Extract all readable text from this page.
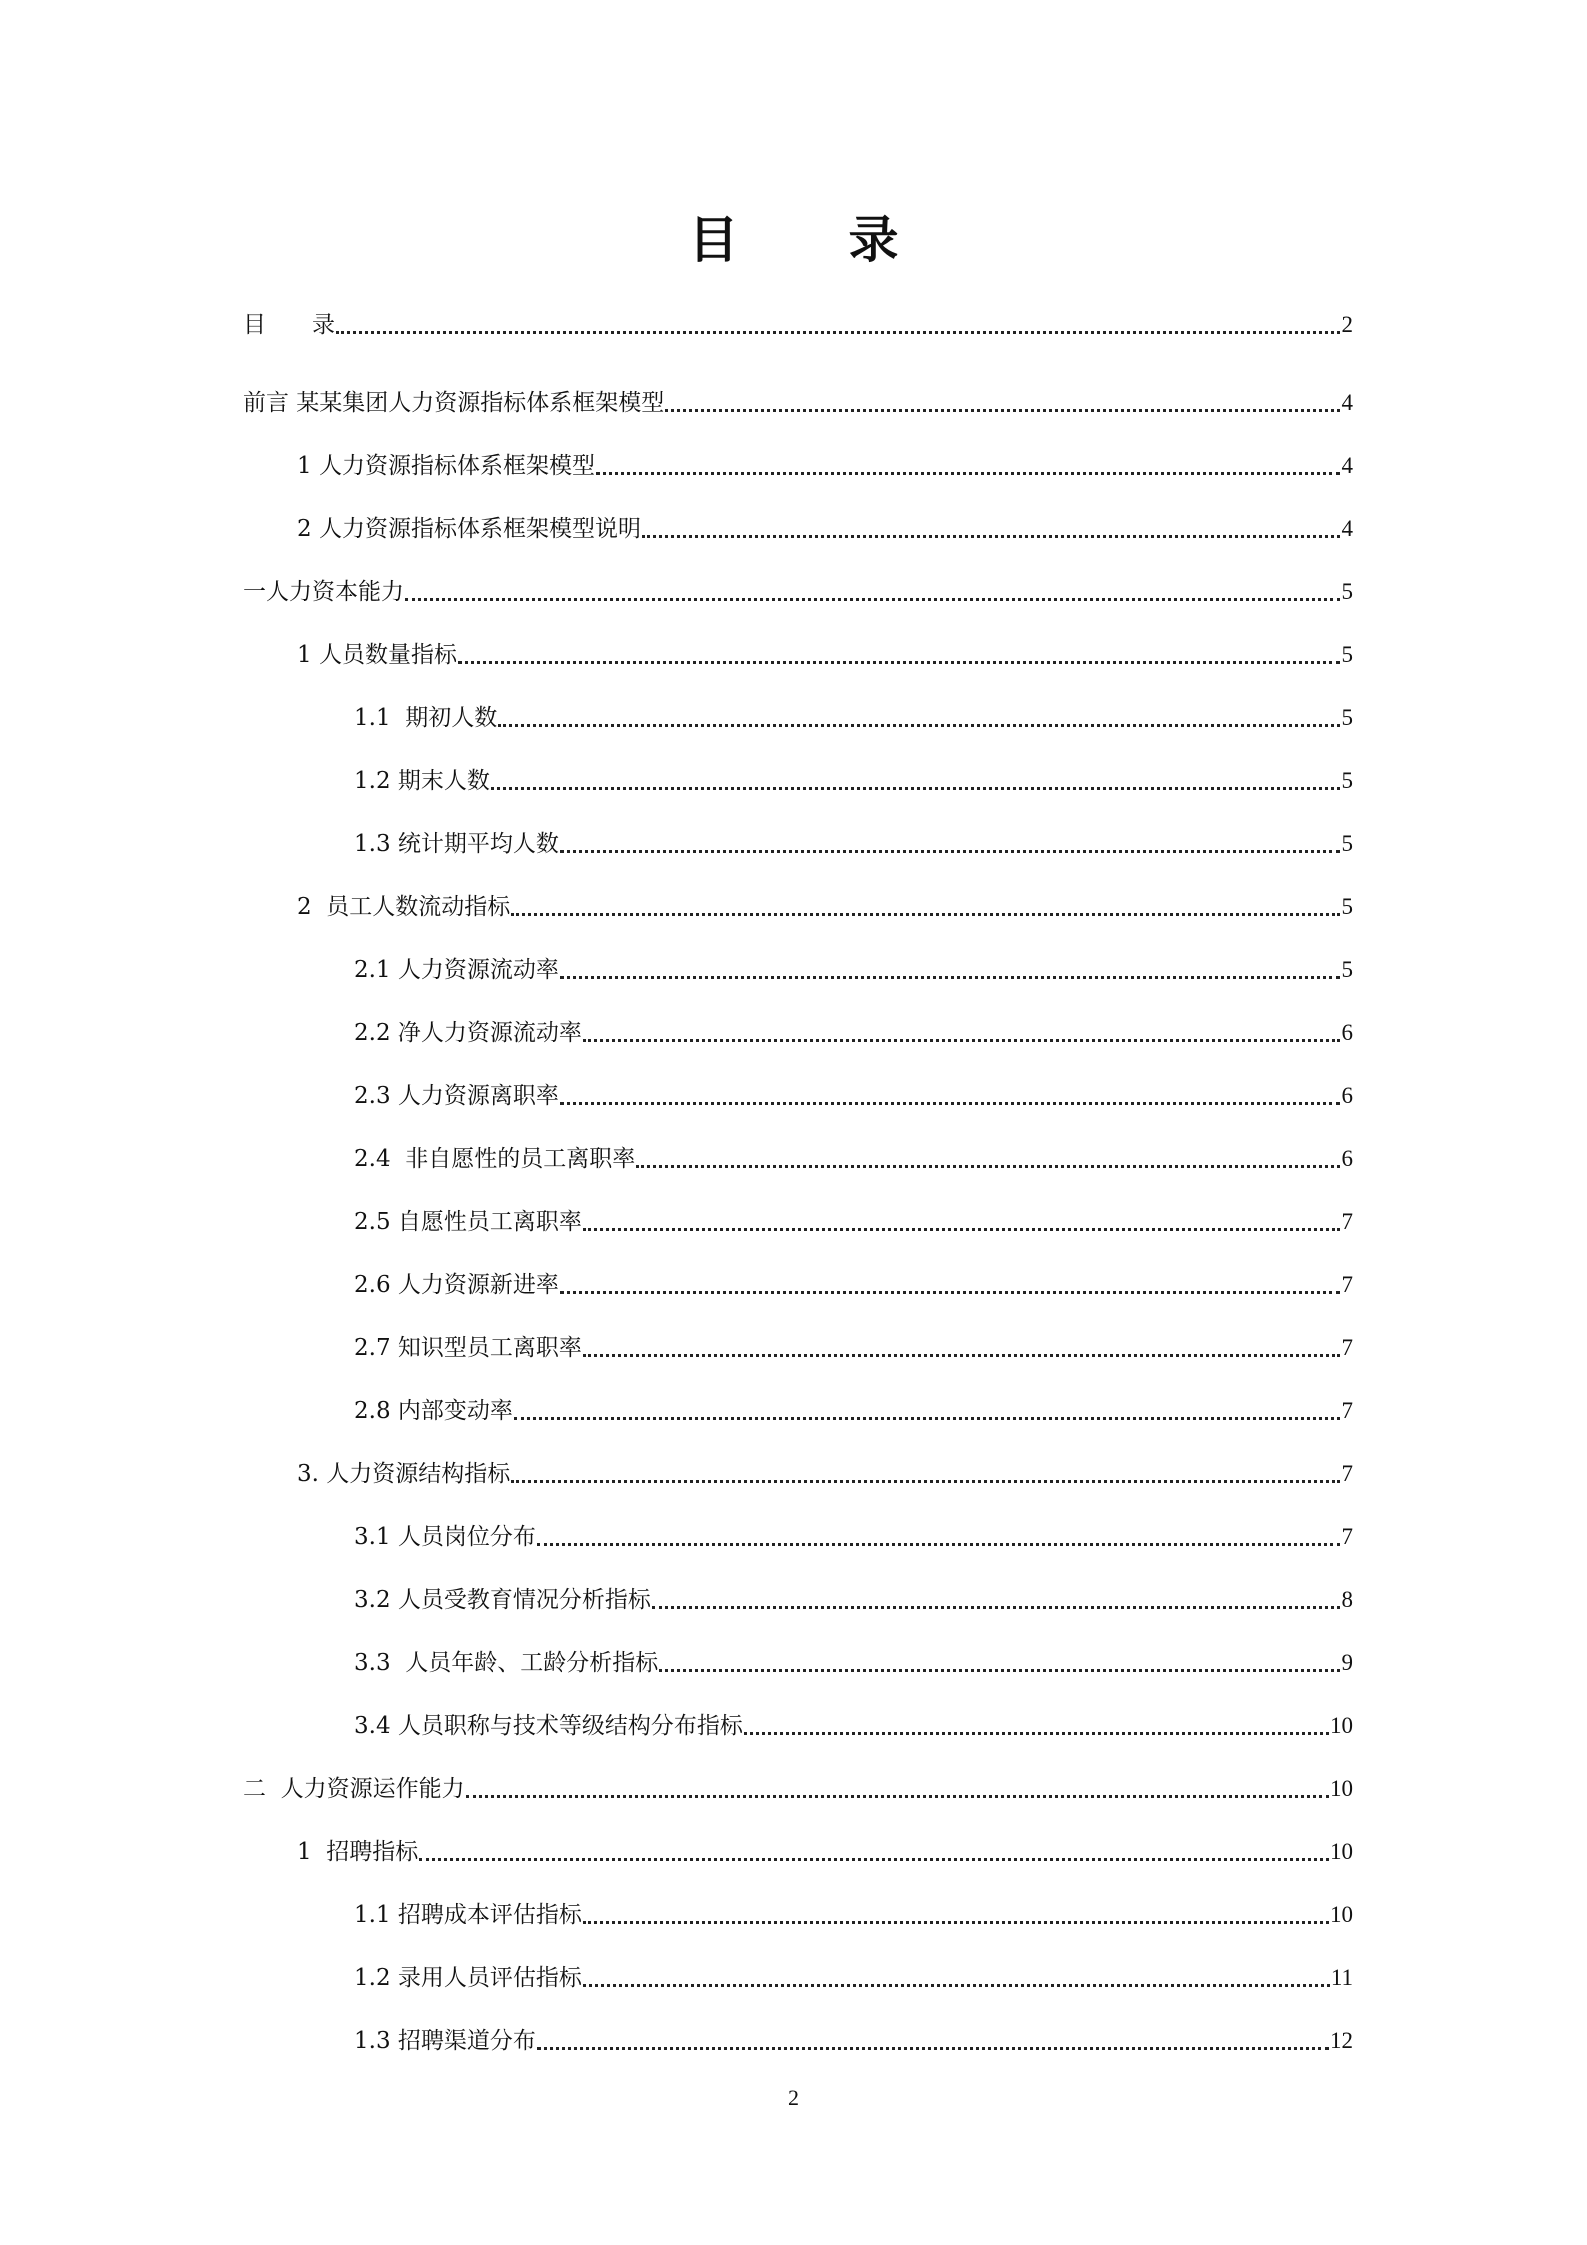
目 录
目　　录	2
前言 某某集团人力资源指标体系框架模型	4
1 人力资源指标体系框架模型	4
2 人力资源指标体系框架模型说明	4
一人力资本能力	5
1 人员数量指标	5
1.1  期初人数	5
1.2 期末人数	5
1.3 统计期平均人数	5
2  员工人数流动指标	5
2.1 人力资源流动率	5
2.2 净人力资源流动率	6
2.3 人力资源离职率	6
2.4  非自愿性的员工离职率	6
2.5 自愿性员工离职率	7
2.6 人力资源新进率	7
2.7 知识型员工离职率	7
2.8 内部变动率	7
3. 人力资源结构指标	7
3.1 人员岗位分布	7
3.2 人员受教育情况分析指标	8
3.3  人员年龄、工龄分析指标	9
3.4 人员职称与技术等级结构分布指标	10
二  人力资源运作能力	10
1  招聘指标	10
1.1 招聘成本评估指标	10
1.2 录用人员评估指标	11
1.3 招聘渠道分布	12
2
